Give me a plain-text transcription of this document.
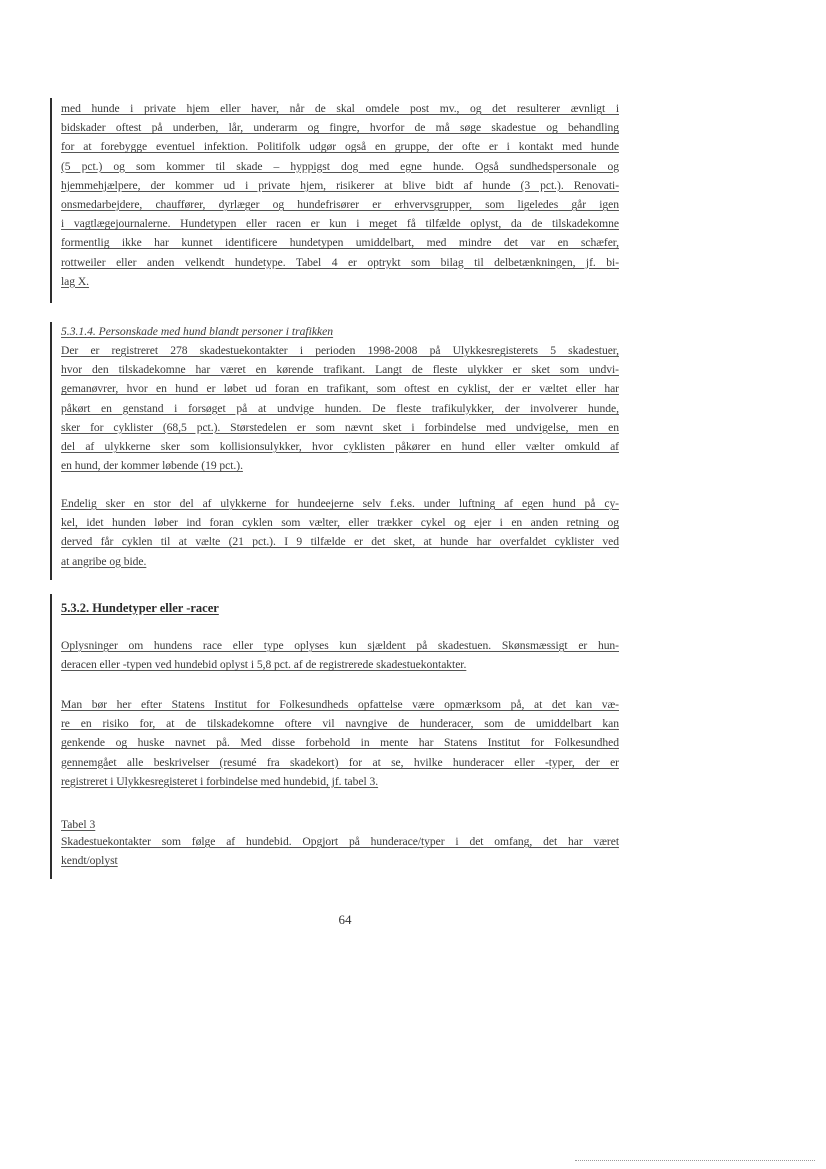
med hunde i private hjem eller haver, når de skal omdele post mv., og det resulterer ævnligt i
bidskader oftest på underben, lår, underarm og fingre, hvorfor de må søge skadestue og behandling
for at forebygge eventuel infektion. Politifolk udgør også en gruppe, der ofte er i kontakt med hunde
(5 pct.) og som kommer til skade – hyppigst dog med egne hunde. Også sundhedspersonale og
hjemmehjælpere, der kommer ud i private hjem, risikerer at blive bidt af hunde (3 pct.). Renovati-
onsmedarbejdere, chauffører, dyrlæger og hundefrisører er erhvervsgrupper, som ligeledes går igen
i vagtlægejournalerne. Hundetypen eller racen er kun i meget få tilfælde oplyst, da de tilskadekomne
formentlig ikke har kunnet identificere hundetypen umiddelbart, med mindre det var en schæfer,
rottweiler eller anden velkendt hundetype. Tabel 4 er optrykt som bilag til delbetænkningen, jf. bi-
lag X.
5.3.1.4. Personskade med hund blandt personer i trafikken
Der er registreret 278 skadestuekontakter i perioden 1998-2008 på Ulykkesregisterets 5 skadestuer,
hvor den tilskadekomne har været en kørende trafikant. Langt de fleste ulykker er sket som undvi-
gemanøvrer, hvor en hund er løbet ud foran en trafikant, som oftest en cyklist, der er væltet eller har
påkørt en genstand i forsøget på at undvige hunden. De fleste trafikulykker, der involverer hunde,
sker for cyklister (68,5 pct.). Størstedelen er som nævnt sket i forbindelse med undvigelse, men en
del af ulykkerne sker som kollisionsulykker, hvor cyklisten påkører en hund eller vælter omkuld af
en hund, der kommer løbende (19 pct.).
Endelig sker en stor del af ulykkerne for hundeejerne selv f.eks. under luftning af egen hund på cy-
kel, idet hunden løber ind foran cyklen som vælter, eller trækker cykel og ejer i en anden retning og
derved får cyklen til at vælte (21 pct.). I 9 tilfælde er det sket, at hunde har overfaldet cyklister ved
at angribe og bide.
5.3.2. Hundetyper eller -racer
Oplysninger om hundens race eller type oplyses kun sjældent på skadestuen. Skønsmæssigt er hun-
deracen eller -typen ved hundebid oplyst i 5,8 pct. af de registrerede skadestuekontakter.
Man bør her efter Statens Institut for Folkesundheds opfattelse være opmærksom på, at det kan væ-
re en risiko for, at de tilskadekomne oftere vil navngive de hunderacer, som de umiddelbart kan
genkende og huske navnet på. Med disse forbehold in mente har Statens Institut for Folkesundhed
gennemgået alle beskrivelser (resumé fra skadekort) for at se, hvilke hunderacer eller -typer, der er
registreret i Ulykkesregisteret i forbindelse med hundebid, jf. tabel 3.
Tabel 3
Skadestuekontakter som følge af hundebid. Opgjort på hunderace/typer i det omfang, det har været
kendt/oplyst
64
